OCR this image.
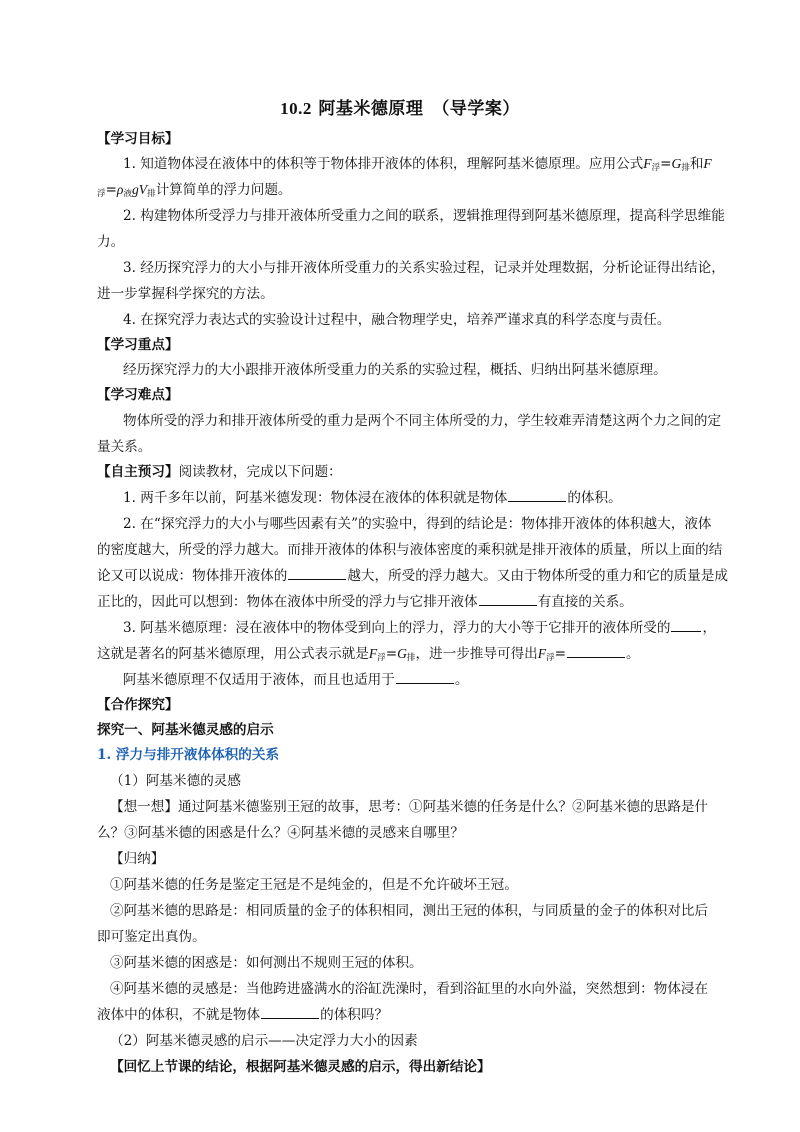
10.2 阿基米德原理　（导学案）
【学习目标】
1. 知道物体浸在液体中的体积等于物体排开液体的体积，理解阿基米德原理。应用公式$F_浮=G_排$和F
$_浮=\rho_液gV_排$计算简单的浮力问题。
2. 构建物体所受浮力与排开液体所受重力之间的联系，逻辑推理得到阿基米德原理，提高科学思维能
力。
3. 经历探究浮力的大小与排开液体所受重力的关系实验过程，记录并处理数据，分析论证得出结论，
进一步掌握科学探究的方法。
4. 在探究浮力表达式的实验设计过程中，融合物理学史，培养严谨求真的科学态度与责任。
【学习重点】
经历探究浮力的大小跟排开液体所受重力的关系的实验过程，概括、归纳出阿基米德原理。
【学习难点】
物体所受的浮力和排开液体所受的重力是两个不同主体所受的力，学生较难弄清楚这两个力之间的定
量关系。
【自主预习】阅读教材，完成以下问题：
1. 两千多年以前，阿基米德发现：物体浸在液体的体积就是物体	的体积。
2. 在“探究浮力的大小与哪些因素有关”的实验中，得到的结论是：物体排开液体的体积越大，液体
的密度越大，所受的浮力越大。而排开液体的体积与液体密度的乘积就是排开液体的质量，所以上面的结
论又可以说成：物体排开液体的	越大，所受的浮力越大。又由于物体所受的重力和它的质量是成
正比的，因此可以想到：物体在液体中所受的浮力与它排开液体	有直接的关系。
3. 阿基米德原理：浸在液体中的物体受到向上的浮力，浮力的大小等于它排开的液体所受的 ，
这就是著名的阿基米德原理，用公式表示就是$F_浮=G_排$，进一步推导可得出$F_浮=$	。
阿基米德原理不仅适用于液体，而且也适用于	。
【合作探究】
探究一、阿基米德灵感的启示
1. 浮力与排开液体体积的关系
（1）阿基米德的灵感
【想一想】通过阿基米德鉴别王冠的故事，思考：①阿基米德的任务是什么？②阿基米德的思路是什
么？③阿基米德的困惑是什么？④阿基米德的灵感来自哪里？
【归纳】
①阿基米德的任务是鉴定王冠是不是纯金的，但是不允许破坏王冠。
②阿基米德的思路是：相同质量的金子的体积相同，测出王冠的体积，与同质量的金子的体积对比后
即可鉴定出真伪。
③阿基米德的困惑是：如何测出不规则王冠的体积。
④阿基米德的灵感是：当他跨进盛满水的浴缸洗澡时，看到浴缸里的水向外溢，突然想到：物体浸在
液体中的体积，不就是物体	的体积吗？
（2）阿基米德灵感的启示——决定浮力大小的因素
【回忆上节课的结论，根据阿基米德灵感的启示，得出新结论】
